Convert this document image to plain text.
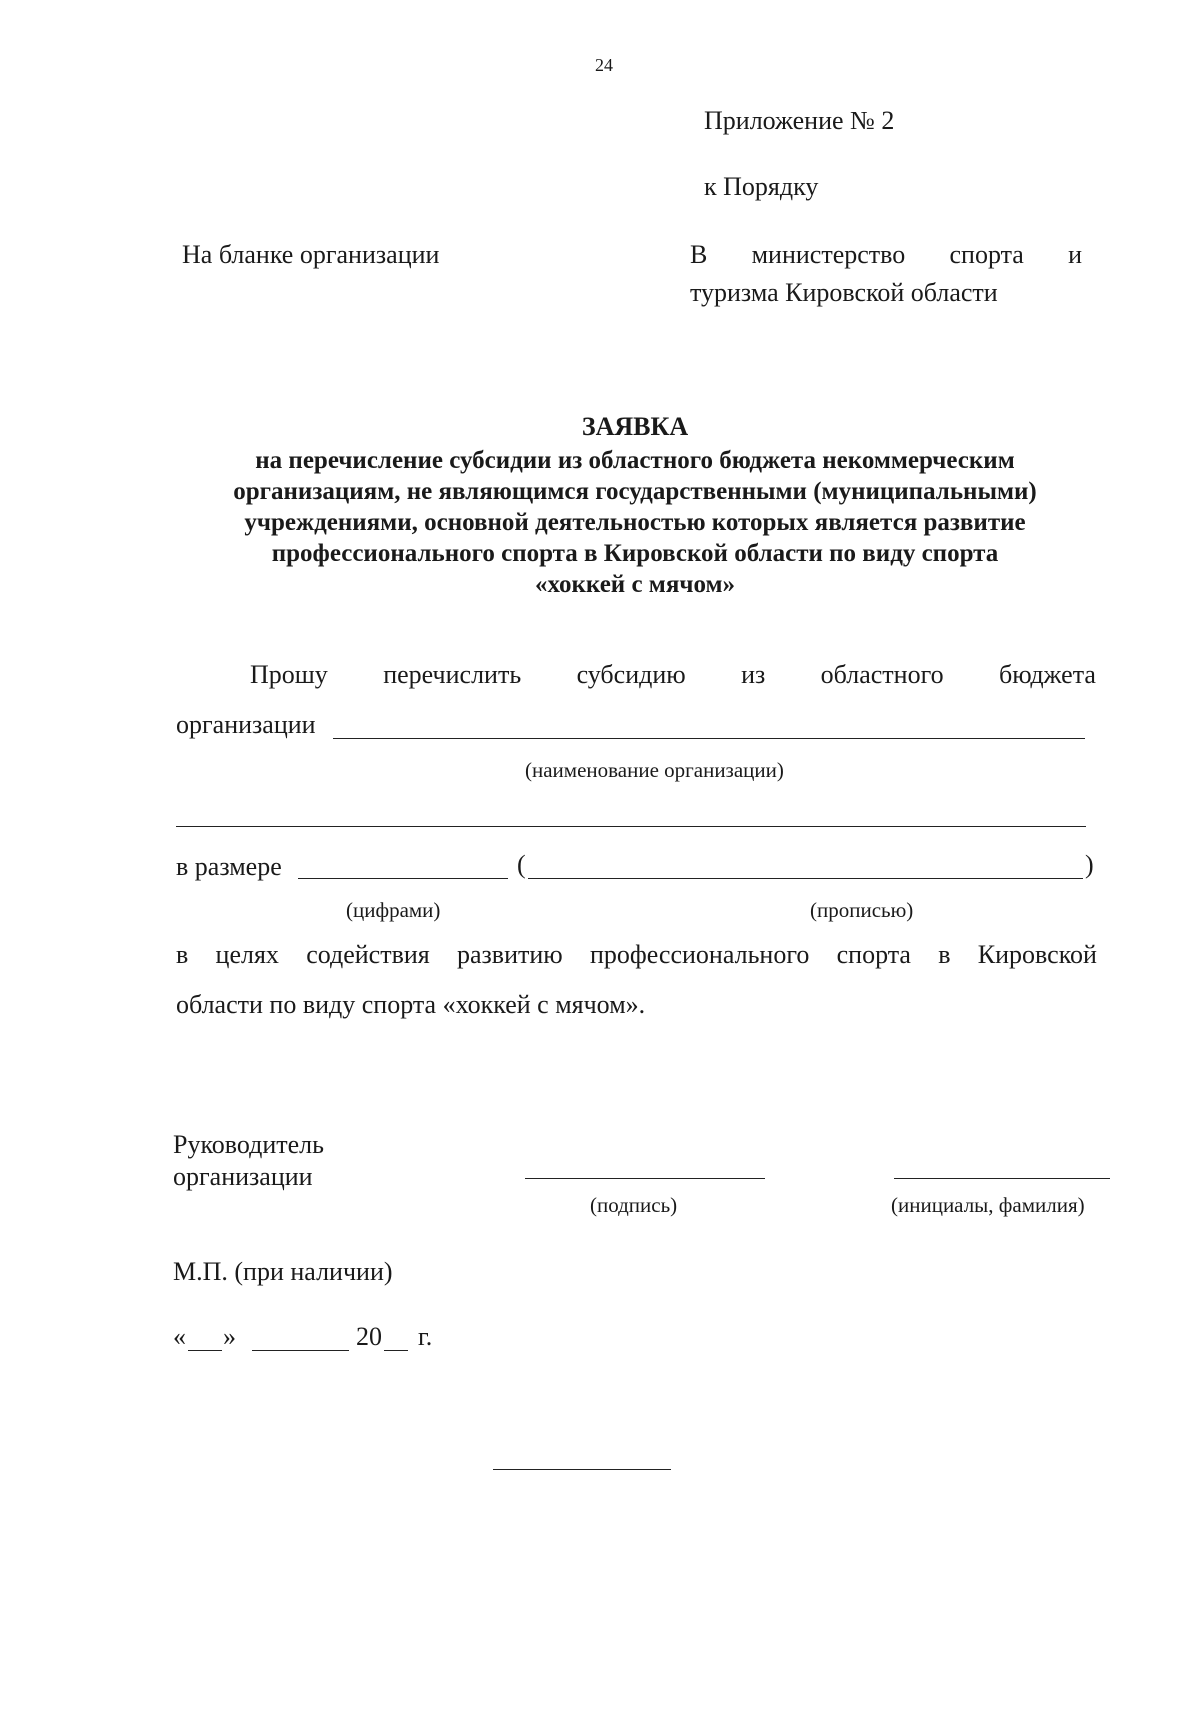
24
Приложение № 2
к Порядку
На бланке организации	В министерство спорта и
туризма Кировской области
ЗАЯВКА
на перечисление субсидии из областного бюджета некоммерческим
организациям, не являющимся государственными (муниципальными)
учреждениями, основной деятельностью которых является развитие
профессионального спорта в Кировской области по виду спорта
«хоккей с мячом»
Прошу перечислить субсидию из областного бюджета
организации
(наименование организации)
в размере	(	)
(цифрами)	(прописью)
в целях содействия развитию профессионального спорта в Кировской
области по виду спорта «хоккей с мячом».
Руководитель
организации
(подпись)	(инициалы, фамилия)
М.П. (при наличии)
« »	20 г.
